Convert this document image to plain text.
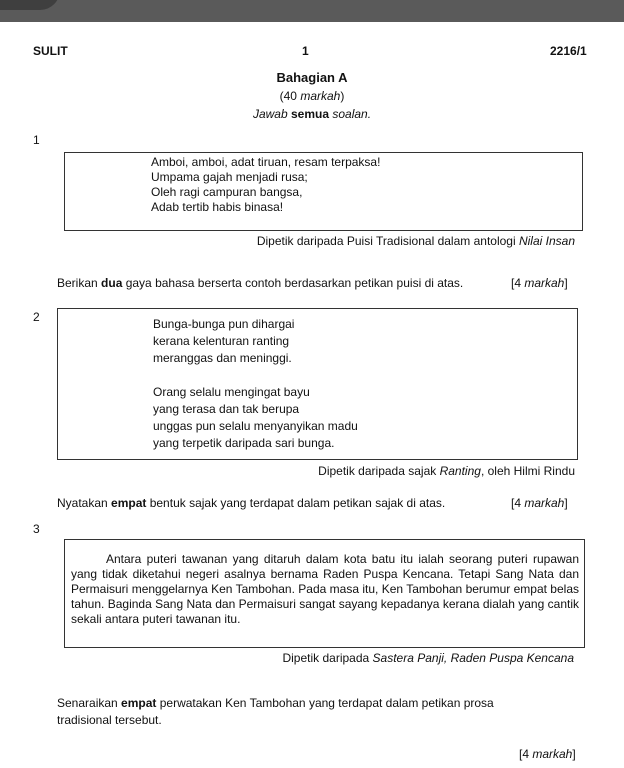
SULIT	1	2216/1
Bahagian A
(40 markah)
Jawab semua soalan.
1
Amboi, amboi, adat tiruan, resam terpaksa!
Umpama gajah menjadi rusa;
Oleh ragi campuran bangsa,
Adab tertib habis binasa!
Dipetik daripada Puisi Tradisional dalam antologi Nilai Insan
Berikan dua gaya bahasa berserta contoh berdasarkan petikan puisi di atas.	[4 markah]
2	Bunga-bunga pun dihargai
kerana kelenturan ranting
meranggas dan meninggi.

Orang selalu mengingat bayu
yang terasa dan tak berupa
unggas pun selalu menyanyikan madu
yang terpetik daripada sari bunga.
Dipetik daripada sajak Ranting, oleh Hilmi Rindu
Nyatakan empat bentuk sajak yang terdapat dalam petikan sajak di atas.	[4 markah]
3
Antara puteri tawanan yang ditaruh dalam kota batu itu ialah seorang puteri rupawan yang tidak diketahui negeri asalnya bernama Raden Puspa Kencana. Tetapi Sang Nata dan Permaisuri menggelarnya Ken Tambohan. Pada masa itu, Ken Tambohan berumur empat belas tahun. Baginda Sang Nata dan Permaisuri sangat sayang kepadanya kerana dialah yang cantik sekali antara puteri tawanan itu.
Dipetik daripada Sastera Panji, Raden Puspa Kencana
Senaraikan empat perwatakan Ken Tambohan yang terdapat dalam petikan prosa
tradisional tersebut.
[4 markah]
